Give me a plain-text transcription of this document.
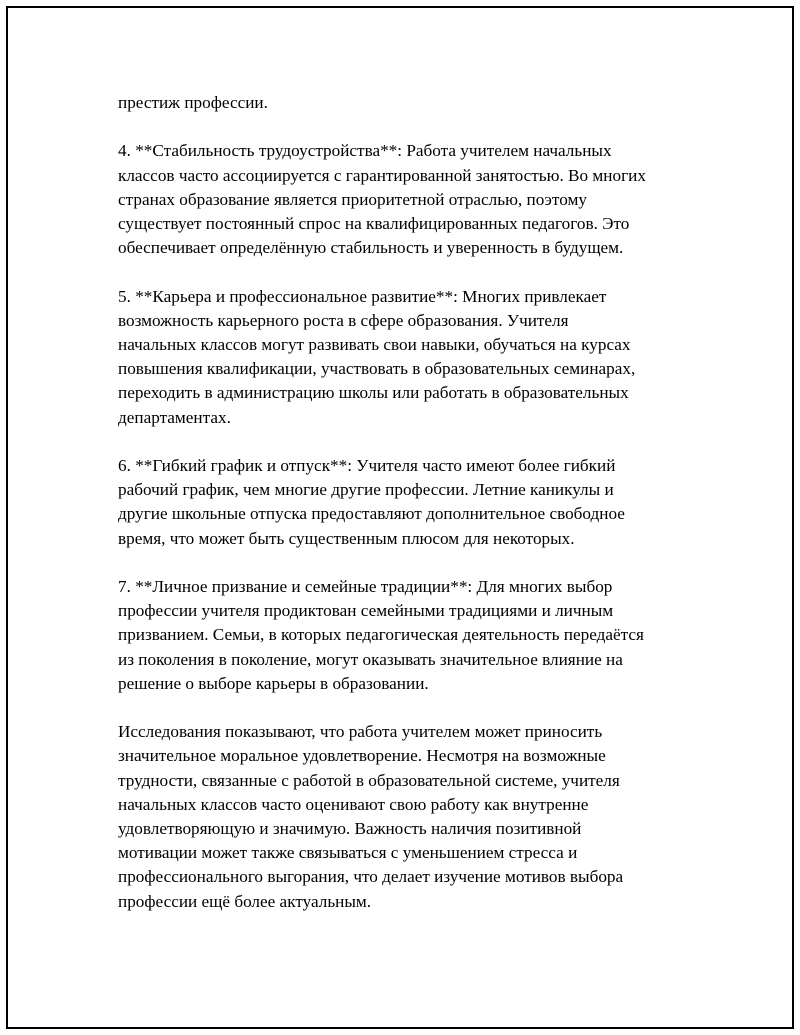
престиж профессии.

4. **Стабильность трудоустройства**: Работа учителем начальных
классов часто ассоциируется с гарантированной занятостью. Во многих
странах образование является приоритетной отраслью, поэтому
существует постоянный спрос на квалифицированных педагогов. Это
обеспечивает определённую стабильность и уверенность в будущем.

5. **Карьера и профессиональное развитие**: Многих привлекает
возможность карьерного роста в сфере образования. Учителя
начальных классов могут развивать свои навыки, обучаться на курсах
повышения квалификации, участвовать в образовательных семинарах,
переходить в администрацию школы или работать в образовательных
департаментах.

6. **Гибкий график и отпуск**: Учителя часто имеют более гибкий
рабочий график, чем многие другие профессии. Летние каникулы и
другие школьные отпуска предоставляют дополнительное свободное
время, что может быть существенным плюсом для некоторых.

7. **Личное призвание и семейные традиции**: Для многих выбор
профессии учителя продиктован семейными традициями и личным
призванием. Семьи, в которых педагогическая деятельность передаётся
из поколения в поколение, могут оказывать значительное влияние на
решение о выборе карьеры в образовании.

Исследования показывают, что работа учителем может приносить
значительное моральное удовлетворение. Несмотря на возможные
трудности, связанные с работой в образовательной системе, учителя
начальных классов часто оценивают свою работу как внутренне
удовлетворяющую и значимую. Важность наличия позитивной
мотивации может также связываться с уменьшением стресса и
профессионального выгорания, что делает изучение мотивов выбора
профессии ещё более актуальным.
